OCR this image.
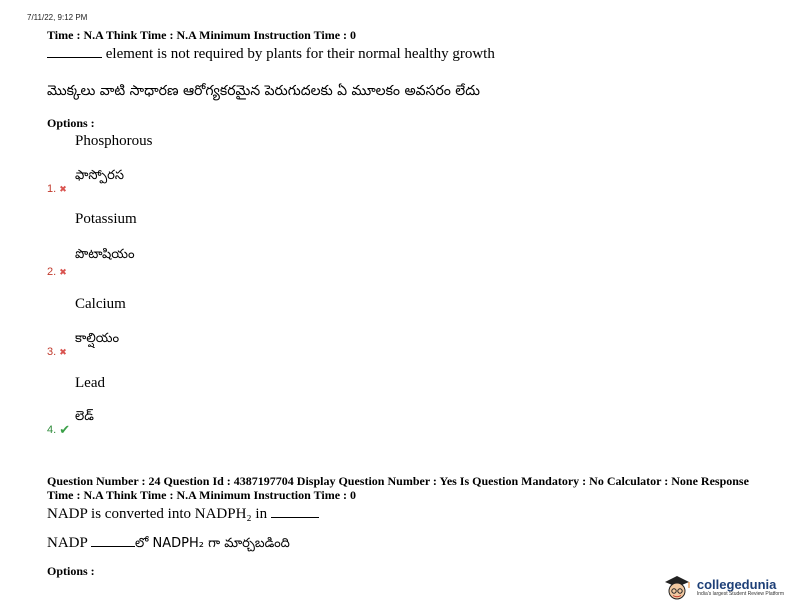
7/11/22, 9:12 PM
Time : N.A Think Time : N.A Minimum Instruction Time : 0
element is not required by plants for their normal healthy growth
మొక్కలు వాటి సాధారణ ఆరోగ్యకరమైన పెరుగుదలకు ఏ మూలకం అవసరం లేదు
Options :
Phosphorous
ఫాస్పోరస
1. ✖
Potassium
పొటాషియం
2. ✖
Calcium
కాల్షియం
3. ✖
Lead
లెడ్
4. ✔
Question Number : 24 Question Id : 4387197704 Display Question Number : Yes Is Question Mandatory : No Calculator : None Response
Time : N.A Think Time : N.A Minimum Instruction Time : 0
NADP is converted into NADPH₂ in
NADP	లో NADPH₂ గా మార్చబడింది
Options :
collegedunia
India's largest Student Review Platform
